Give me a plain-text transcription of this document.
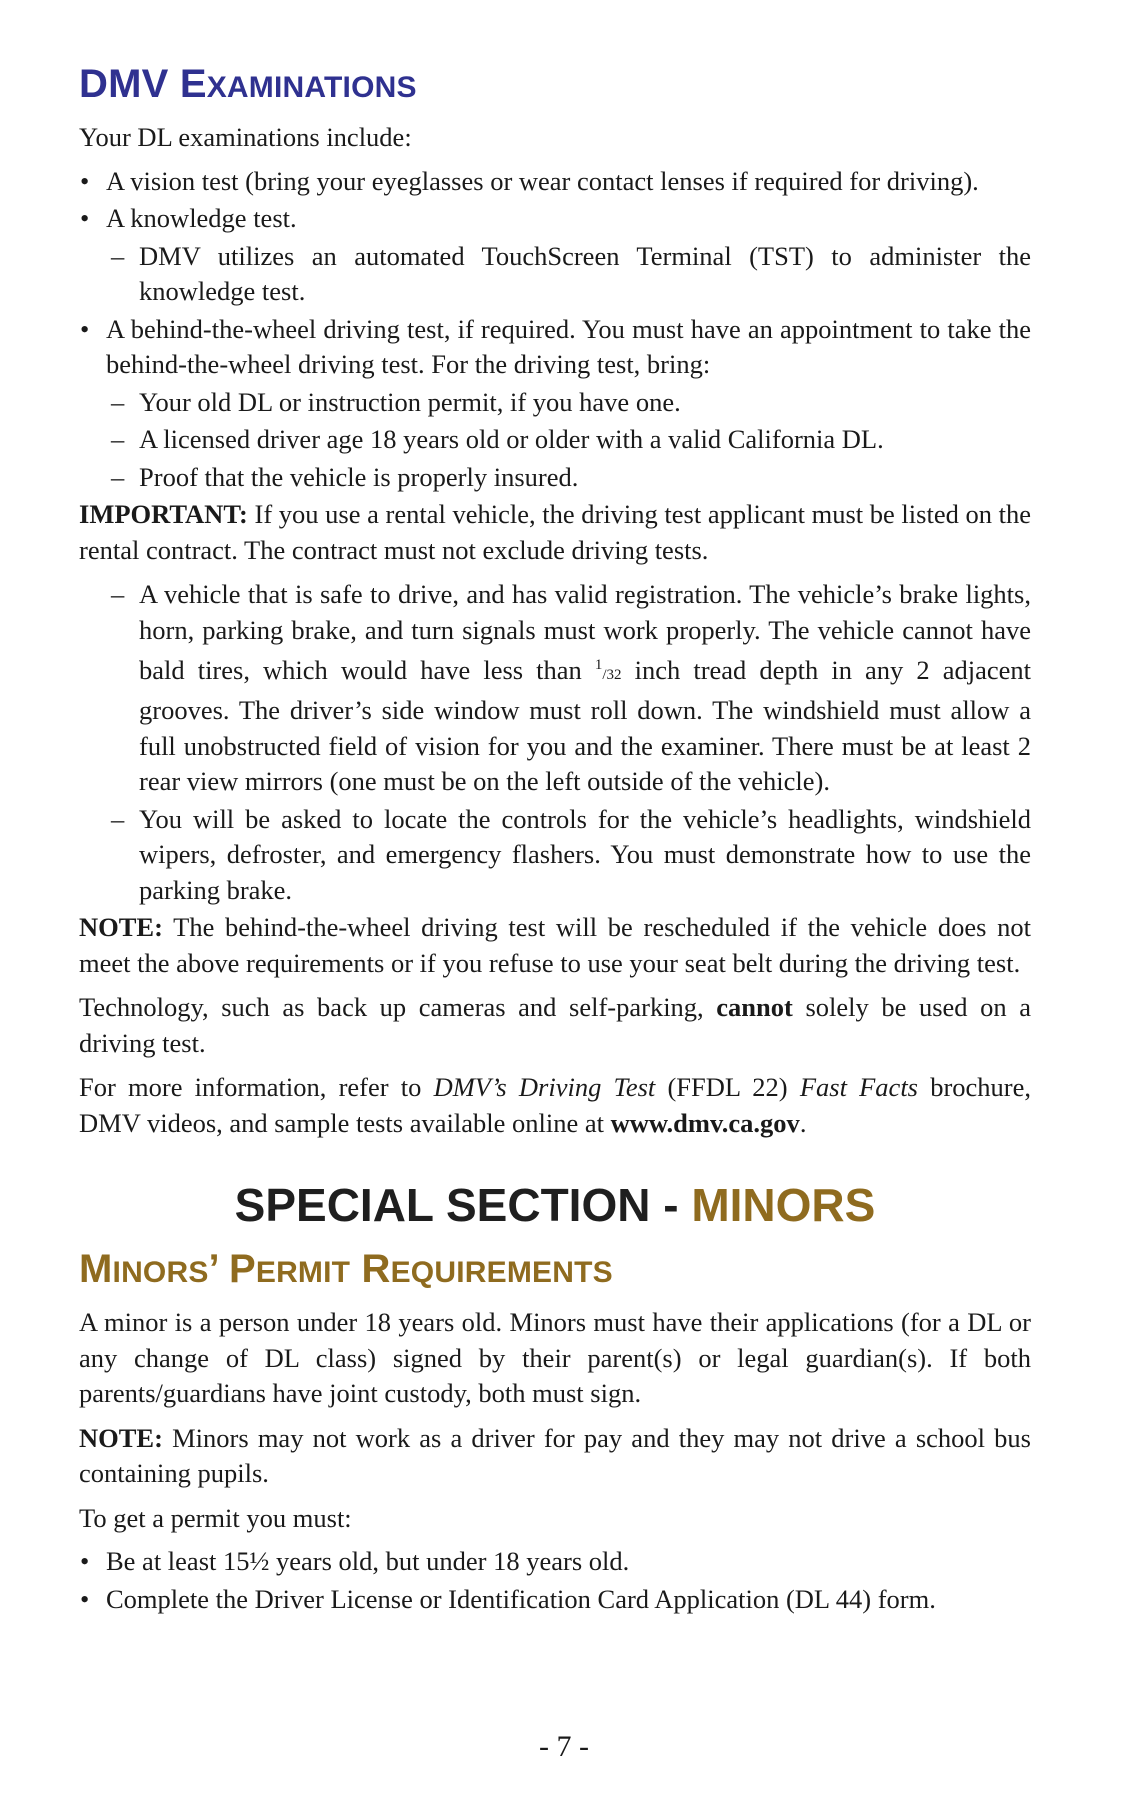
DMV EXAMINATIONS

Your DL examinations include:

• A vision test (bring your eyeglasses or wear contact lenses if required for driving).
• A knowledge test.
– DMV utilizes an automated TouchScreen Terminal (TST) to administer the knowledge test.
• A behind-the-wheel driving test, if required. You must have an appointment to take the behind-the-wheel driving test. For the driving test, bring:
– Your old DL or instruction permit, if you have one.
– A licensed driver age 18 years old or older with a valid California DL.
– Proof that the vehicle is properly insured.

IMPORTANT: If you use a rental vehicle, the driving test applicant must be listed on the rental contract. The contract must not exclude driving tests.

– A vehicle that is safe to drive, and has valid registration. The vehicle’s brake lights, horn, parking brake, and turn signals must work properly. The vehicle cannot have bald tires, which would have less than $^1$/32 inch tread depth in any 2 adjacent grooves. The driver’s side window must roll down. The windshield must allow a full unobstructed field of vision for you and the examiner. There must be at least 2 rear view mirrors (one must be on the left outside of the vehicle).
– You will be asked to locate the controls for the vehicle’s headlights, windshield wipers, defroster, and emergency flashers. You must demonstrate how to use the parking brake.

NOTE: The behind-the-wheel driving test will be rescheduled if the vehicle does not meet the above requirements or if you refuse to use your seat belt during the driving test.

Technology, such as back up cameras and self-parking, cannot solely be used on a driving test.

For more information, refer to DMV’s Driving Test (FFDL 22) Fast Facts brochure, DMV videos, and sample tests available online at www.dmv.ca.gov.

SPECIAL SECTION - MINORS
MINORS’ PERMIT REQUIREMENTS

A minor is a person under 18 years old. Minors must have their applications (for a DL or any change of DL class) signed by their parent(s) or legal guardian(s). If both parents/guardians have joint custody, both must sign.

NOTE: Minors may not work as a driver for pay and they may not drive a school bus containing pupils.

To get a permit you must:

• Be at least 15½ years old, but under 18 years old.
• Complete the Driver License or Identification Card Application (DL 44) form.
- 7 -
